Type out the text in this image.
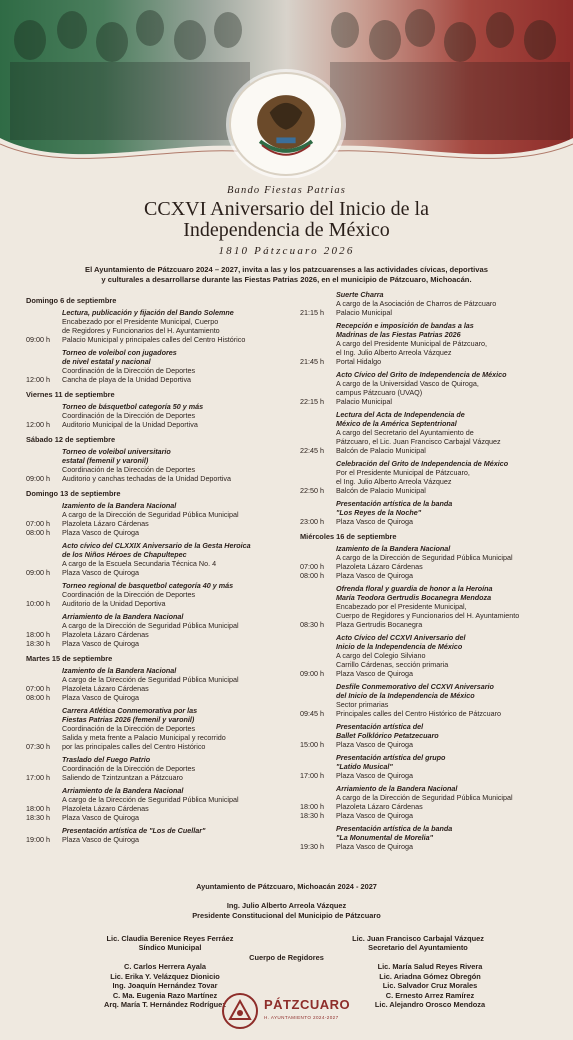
Bando Fiestas Patrias
CCXVI Aniversario del Inicio de la
Independencia de México
1810 Pátzcuaro 2026
El Ayuntamiento de Pátzcuaro 2024 – 2027, invita a las y los patzcuarenses a las actividades cívicas, deportivas
y culturales a desarrollarse durante las Fiestas Patrias 2026, en el municipio de Pátzcuaro, Michoacán.
Domingo 6 de septiembre
Lectura, publicación y fijación del Bando Solemne
Encabezado por el Presidente Municipal, Cuerpo
de Regidores y Funcionarios del H. Ayuntamiento
Palacio Municipal y principales calles del Centro Histórico
09:00 h
Torneo de voleibol con jugadores
de nivel estatal y nacional
Coordinación de la Dirección de Deportes
Cancha de playa de la Unidad Deportiva
12:00 h
Viernes 11 de septiembre
Torneo de básquetbol categoría 50 y más
Coordinación de la Dirección de Deportes
Auditorio Municipal de la Unidad Deportiva
12:00 h
Sábado 12 de septiembre
Torneo de voleibol universitario
estatal (femenil y varonil)
Coordinación de la Dirección de Deportes
Auditorio y canchas techadas de la Unidad Deportiva
09:00 h
Domingo 13 de septiembre
Izamiento de la Bandera Nacional
A cargo de la Dirección de Seguridad Pública Municipal
Plazoleta Lázaro Cárdenas
Plaza Vasco de Quiroga
07:00 h
08:00 h
Acto cívico del CLXXIX Aniversario de la Gesta Heroica
de los Niños Héroes de Chapultepec
A cargo de la Escuela Secundaria Técnica No. 4
Plaza Vasco de Quiroga
09:00 h
Torneo regional de basquetbol categoría 40 y más
Coordinación de la Dirección de Deportes
Auditorio de la Unidad Deportiva
10:00 h
Arriamiento de la Bandera Nacional
A cargo de la Dirección de Seguridad Pública Municipal
Plazoleta Lázaro Cárdenas
Plaza Vasco de Quiroga
18:00 h
18:30 h
Martes 15 de septiembre
Izamiento de la Bandera Nacional
A cargo de la Dirección de Seguridad Pública Municipal
Plazoleta Lázaro Cárdenas
Plaza Vasco de Quiroga
07:00 h
08:00 h
Carrera Atlética Conmemorativa por las
Fiestas Patrias 2026 (femenil y varonil)
Coordinación de la Dirección de Deportes
Salida y meta frente a Palacio Municipal y recorrido
por las principales calles del Centro Histórico
07:30 h
Traslado del Fuego Patrio
Coordinación de la Dirección de Deportes
Saliendo de Tzintzuntzan a Pátzcuaro
17:00 h
Arriamiento de la Bandera Nacional
A cargo de la Dirección de Seguridad Pública Municipal
Plazoleta Lázaro Cárdenas
Plaza Vasco de Quiroga
18:00 h
18:30 h
Presentación artística de "Los de Cuellar"
Plaza Vasco de Quiroga
19:00 h
Suerte Charra
A cargo de la Asociación de Charros de Pátzcuaro
Palacio Municipal
21:15 h
Recepción e imposición de bandas a las
Madrinas de las Fiestas Patrias 2026
A cargo del Presidente Municipal de Pátzcuaro,
el Ing. Julio Alberto Arreola Vázquez
Portal Hidalgo
21:45 h
Acto Cívico del Grito de Independencia de México
A cargo de la Universidad Vasco de Quiroga,
campus Pátzcuaro (UVAQ)
Palacio Municipal
22:15 h
Lectura del Acta de Independencia de
México de la América Septentrional
A cargo del Secretario del Ayuntamiento de
Pátzcuaro, el Lic. Juan Francisco Carbajal Vázquez
Balcón de Palacio Municipal
22:45 h
Celebración del Grito de Independencia de México
Por el Presidente Municipal de Pátzcuaro,
el Ing. Julio Alberto Arreola Vázquez
Balcón de Palacio Municipal
22:50 h
Presentación artística de la banda
"Los Reyes de la Noche"
Plaza Vasco de Quiroga
23:00 h
Miércoles 16 de septiembre
Izamiento de la Bandera Nacional
A cargo de la Dirección de Seguridad Pública Municipal
Plazoleta Lázaro Cárdenas
Plaza Vasco de Quiroga
07:00 h
08:00 h
Ofrenda floral y guardia de honor a la Heroína
María Teodora Gertrudis Bocanegra Mendoza
Encabezado por el Presidente Municipal,
Cuerpo de Regidores y Funcionarios del H. Ayuntamiento
Plaza Gertrudis Bocanegra
08:30 h
Acto Cívico del CCXVI Aniversario del
Inicio de la Independencia de México
A cargo del Colegio Silviano
Carrillo Cárdenas, sección primaria
Plaza Vasco de Quiroga
09:00 h
Desfile Conmemorativo del CCXVI Aniversario
del Inicio de la Independencia de México
Sector primarias
Principales calles del Centro Histórico de Pátzcuaro
09:45 h
Presentación artística del
Ballet Folklórico Petatzecuaro
Plaza Vasco de Quiroga
15:00 h
Presentación artística del grupo
"Latido Musical"
Plaza Vasco de Quiroga
17:00 h
Arriamiento de la Bandera Nacional
A cargo de la Dirección de Seguridad Pública Municipal
Plazoleta Lázaro Cárdenas
Plaza Vasco de Quiroga
18:00 h
18:30 h
Presentación artística de la banda
"La Monumental de Morelia"
Plaza Vasco de Quiroga
19:30 h
Ayuntamiento de Pátzcuaro, Michoacán 2024 - 2027
Ing. Julio Alberto Arreola Vázquez
Presidente Constitucional del Municipio de Pátzcuaro
Lic. Claudia Berenice Reyes Ferráez
Síndico Municipal
Lic. Juan Francisco Carbajal Vázquez
Secretario del Ayuntamiento
Cuerpo de Regidores
C. Carlos Herrera Ayala
Lic. Erika Y. Velázquez Dionicio
Ing. Joaquín Hernández Tovar
C. Ma. Eugenia Razo Martínez
Arq. María T. Hernández Rodríguez
Lic. María Salud Reyes Rivera
Lic. Ariadna Gómez Obregón
Lic. Salvador Cruz Morales
C. Ernesto Arrez Ramírez
Lic. Alejandro Orosco Mendoza
PÁTZCUARO
H. AYUNTAMIENTO 2024-2027
